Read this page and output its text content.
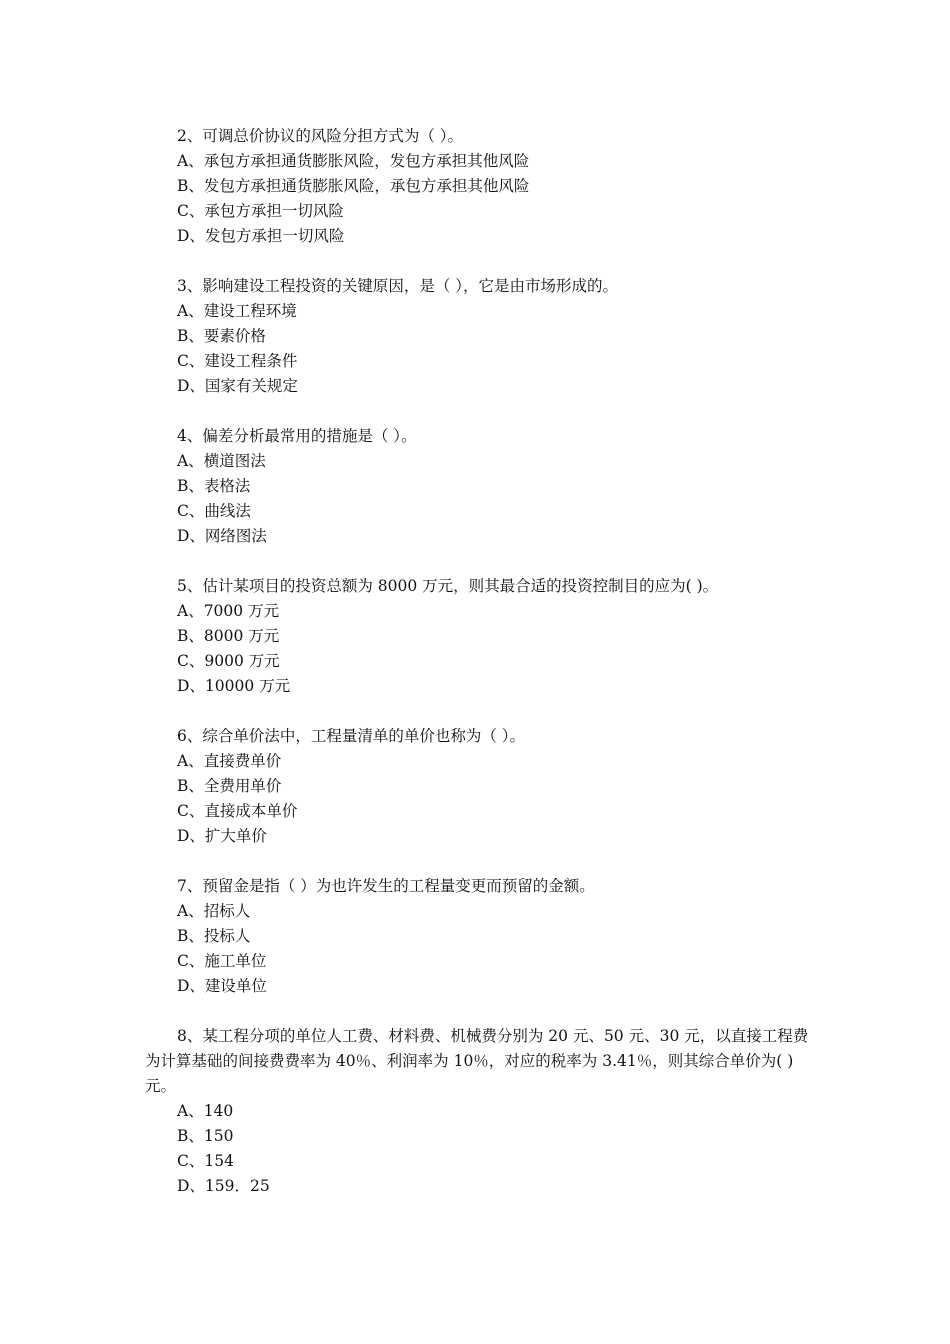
2、可调总价协议的风险分担方式为（ ）。

A、承包方承担通货膨胀风险，发包方承担其他风险

B、发包方承担通货膨胀风险，承包方承担其他风险

C、承包方承担一切风险

D、发包方承担一切风险

3、影响建设工程投资的关键原因，是（ ），它是由市场形成的。

A、建设工程环境

B、要素价格

C、建设工程条件

D、国家有关规定

4、偏差分析最常用的措施是（ ）。

A、横道图法

B、表格法

C、曲线法

D、网络图法

5、估计某项目的投资总额为 8000 万元，则其最合适的投资控制目的应为( )。

A、7000 万元

B、8000 万元

C、9000 万元

D、10000 万元

6、综合单价法中，工程量清单的单价也称为（ ）。

A、直接费单价

B、全费用单价

C、直接成本单价

D、扩大单价

7、预留金是指（ ）为也许发生的工程量变更而预留的金额。

A、招标人

B、投标人

C、施工单位

D、建设单位

8、某工程分项的单位人工费、材料费、机械费分别为 20 元、50 元、30 元，以直接工程费为计算基础的间接费费率为 40％、利润率为 10％，对应的税率为 3.41％，则其综合单价为( )元。

A、140

B、150

C、154

D、159．25
